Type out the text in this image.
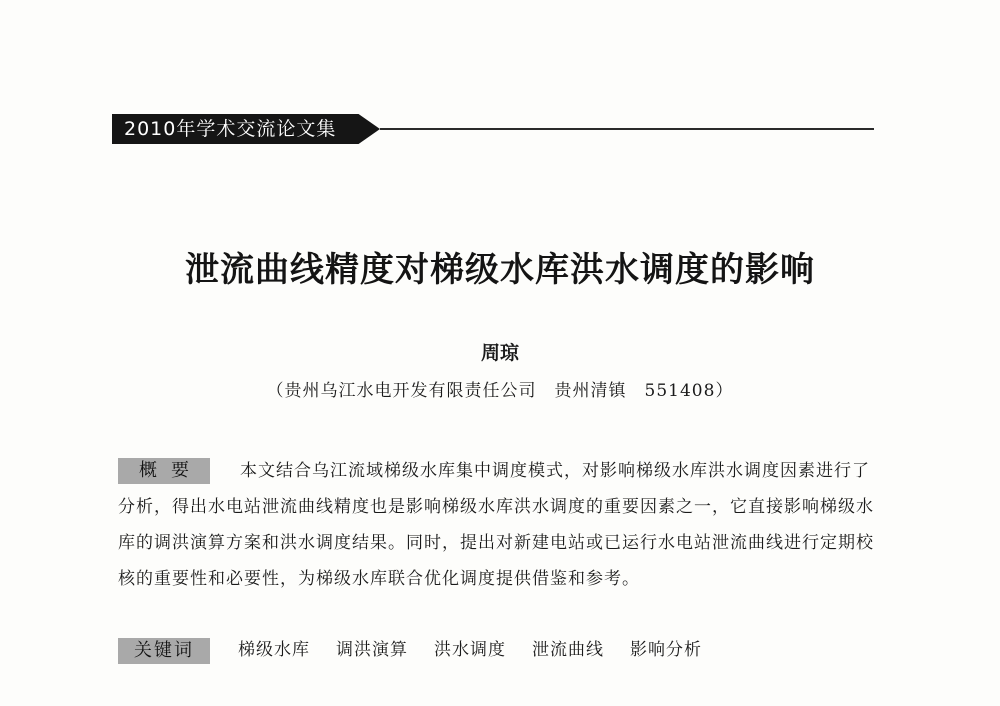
2010年学术交流论文集
泄流曲线精度对梯级水库洪水调度的影响
周琼
（贵州乌江水电开发有限责任公司　贵州清镇　551408）
概要	本文结合乌江流域梯级水库集中调度模式，对影响梯级水库洪水调度因素进行了分析，得出水电站泄流曲线精度也是影响梯级水库洪水调度的重要因素之一，它直接影响梯级水库的调洪演算方案和洪水调度结果。同时，提出对新建电站或已运行水电站泄流曲线进行定期校核的重要性和必要性，为梯级水库联合优化调度提供借鉴和参考。
关键词	梯级水库 调洪演算 洪水调度 泄流曲线 影响分析
